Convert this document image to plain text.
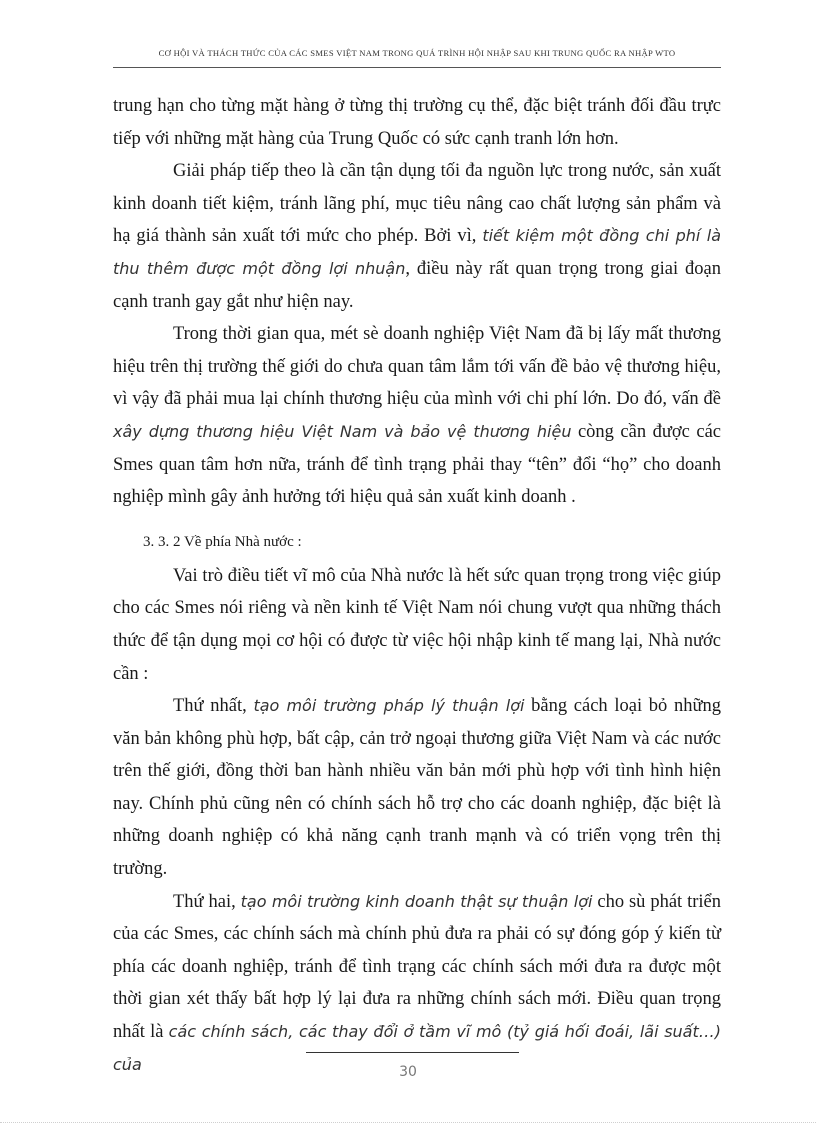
CƠ HỘI VÀ THÁCH THỨC CỦA CÁC SMES VIỆT NAM TRONG QUÁ TRÌNH HỘI NHẬP SAU KHI TRUNG QUỐC RA NHẬP WTO

trung hạn cho từng mặt hàng ở từng thị trường cụ thể, đặc biệt tránh đối đầu trực tiếp với những mặt hàng của Trung Quốc có sức cạnh tranh lớn hơn.

Giải pháp tiếp theo là cần tận dụng tối đa nguồn lực trong nước, sản xuất kinh doanh tiết kiệm, tránh lãng phí, mục tiêu nâng cao chất lượng sản phẩm và hạ giá thành sản xuất tới mức cho phép. Bởi vì, tiết kiệm một đồng chi phí là thu thêm được một đồng lợi nhuận, điều này rất quan trọng trong giai đoạn cạnh tranh gay gắt như hiện nay.

Trong thời gian qua, mét sè doanh nghiệp Việt Nam đã bị lấy mất thương hiệu trên thị trường thế giới do chưa quan tâm lắm tới vấn đề bảo vệ thương hiệu, vì vậy đã phải mua lại chính thương hiệu của mình với chi phí lớn. Do đó, vấn đề xây dựng thương hiệu Việt Nam và bảo vệ thương hiệu còng cần được các Smes quan tâm hơn nữa, tránh để tình trạng phải thay “tên” đổi “họ” cho doanh nghiệp mình gây ảnh hưởng tới hiệu quả sản xuất kinh doanh .

3. 3. 2 Về phía Nhà nước :

Vai trò điều tiết vĩ mô của Nhà nước là hết sức quan trọng trong việc giúp cho các Smes nói riêng và nền kinh tế Việt Nam nói chung vượt qua những thách thức để tận dụng mọi cơ hội có được từ việc hội nhập kinh tế mang lại, Nhà nước cần :

Thứ nhất, tạo môi trường pháp lý thuận lợi bằng cách loại bỏ những văn bản không phù hợp, bất cập, cản trở ngoại thương giữa Việt Nam và các nước trên thế giới, đồng thời ban hành nhiều văn bản mới phù hợp với tình hình hiện nay. Chính phủ cũng nên có chính sách hỗ trợ cho các doanh nghiệp, đặc biệt là những doanh nghiệp có khả năng cạnh tranh mạnh và có triển vọng trên thị trường.

Thứ hai, tạo môi trường kinh doanh thật sự thuận lợi cho sù phát triển của các Smes, các chính sách mà chính phủ đưa ra phải có sự đóng góp ý kiến từ phía các doanh nghiệp, tránh để tình trạng các chính sách mới đưa ra được một thời gian xét thấy bất hợp lý lại đưa ra những chính sách mới. Điều quan trọng nhất là các chính sách, các thay đổi ở tầm vĩ mô (tỷ giá hối đoái, lãi suất…) của	30
